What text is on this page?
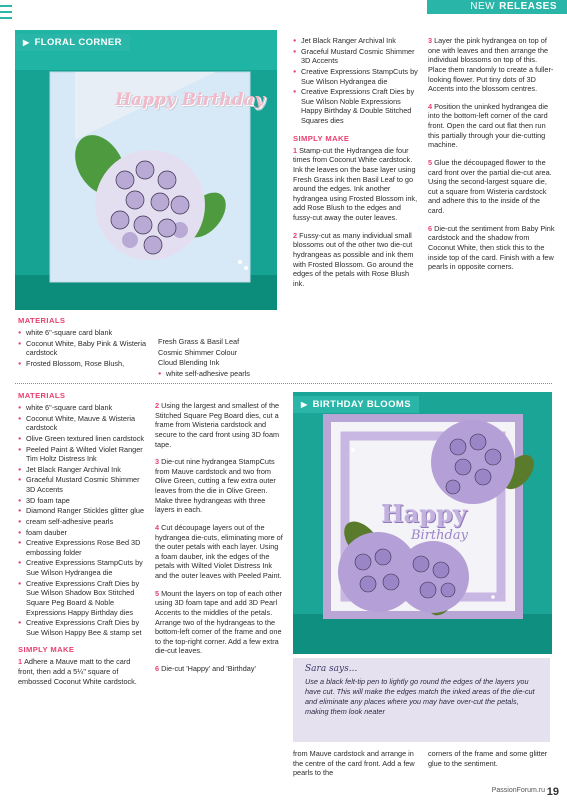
NEW RELEASES
Happy Birthday
▶ FLORAL CORNER
MATERIALS
● white 6"-square card blank
● Coconut White, Baby Pink & Wisteria cardstock
● Frosted Blossom, Rose Blush,
Fresh Grass & Basil Leaf
Cosmic Shimmer Colour
Cloud Blending Ink
● white self-adhesive pearls
● Jet Black Ranger Archival Ink
● Graceful Mustard Cosmic Shimmer 3D Accents
● Creative Expressions StampCuts by Sue Wilson Hydrangea die
● Creative Expressions Craft Dies by Sue Wilson Noble Expressions Happy Birthday & Double Stitched Squares dies
SIMPLY MAKE

1 Stamp-cut the Hydrangea die four times from Coconut White cardstock. Ink the leaves on the base layer using Fresh Grass ink then Basil Leaf to go around the edges. Ink another hydrangea using Frosted Blossom ink, add Rose Blush to the edges and fussy-cut away the outer leaves.

2 Fussy-cut as many individual small blossoms out of the other two die-cut hydrangeas as possible and ink them with Frosted Blossom. Go around the edges of the petals with Rose Blush ink.

3 Layer the pink hydrangea on top of one with leaves and then arrange the individual blossoms on top of this. Place them randomly to create a fuller-looking flower. Put tiny dots of 3D Accents into the blossom centres.

4 Position the uninked hydrangea die into the bottom-left corner of the card front. Open the card out flat then run this partially through your die-cutting machine.

5 Glue the découpaged flower to the card front over the partial die-cut area. Using the second-largest square die, cut a square from Wisteria cardstock and adhere this to the inside of the card.

6 Die-cut the sentiment from Baby Pink cardstock and the shadow from Coconut White, then stick this to the inside top of the card. Finish with a few pearls in opposite corners.

MATERIALS
● white 6"-square card blank
● Coconut White, Mauve & Wisteria cardstock
● Olive Green textured linen cardstock
● Peeled Paint & Wilted Violet Ranger Tim Holtz Distress Ink
● Jet Black Ranger Archival Ink
● Graceful Mustard Cosmic Shimmer 3D Accents
● 3D foam tape
● Diamond Ranger Stickles glitter glue
● cream self-adhesive pearls
● foam dauber
● Creative Expressions Rose Bed 3D embossing folder
● Creative Expressions StampCuts by Sue Wilson Hydrangea die
● Creative Expressions Craft Dies by Sue Wilson Shadow Box Stitched Square Peg Board & Noble Expressions Happy Birthday dies
● Creative Expressions Craft Dies by Sue Wilson Happy Bee & stamp set
SIMPLY MAKE

1 Adhere a Mauve matt to the card front, then add a 5¼" square of embossed Coconut White cardstock.

2 Using the largest and smallest of the Stitched Square Peg Board dies, cut a frame from Wisteria cardstock and secure to the card front using 3D foam tape.

3 Die-cut nine hydrangea StampCuts from Mauve cardstock and two from Olive Green, cutting a few extra outer leaves from the die in Olive Green. Make three hydrangeas with three layers in each.

4 Cut découpage layers out of the hydrangea die-cuts, eliminating more of the outer petals with each layer. Using a foam dauber, ink the edges of the petals with Wilted Violet Distress Ink and the outer leaves with Peeled Paint.

5 Mount the layers on top of each other using 3D foam tape and add 3D Pearl Accents to the middles of the petals. Arrange two of the hydrangeas to the bottom-left corner of the frame and one to the top-right corner. Add a few extra die-cut leaves.

6 Die-cut 'Happy' and 'Birthday'

Happy
Birthday
▶ BIRTHDAY BLOOMS
Sara says...
Use a black felt-tip pen to lightly go round the edges of the layers you have cut. This will make the edges match the inked areas of the die-cut and eliminate any places where you may have over-cut the petals, making them look neater

from Mauve cardstock and arrange in the centre of the card front. Add a few pearls to the

corners of the frame and some glitter glue to the sentiment.

PassionForum.ru 19
